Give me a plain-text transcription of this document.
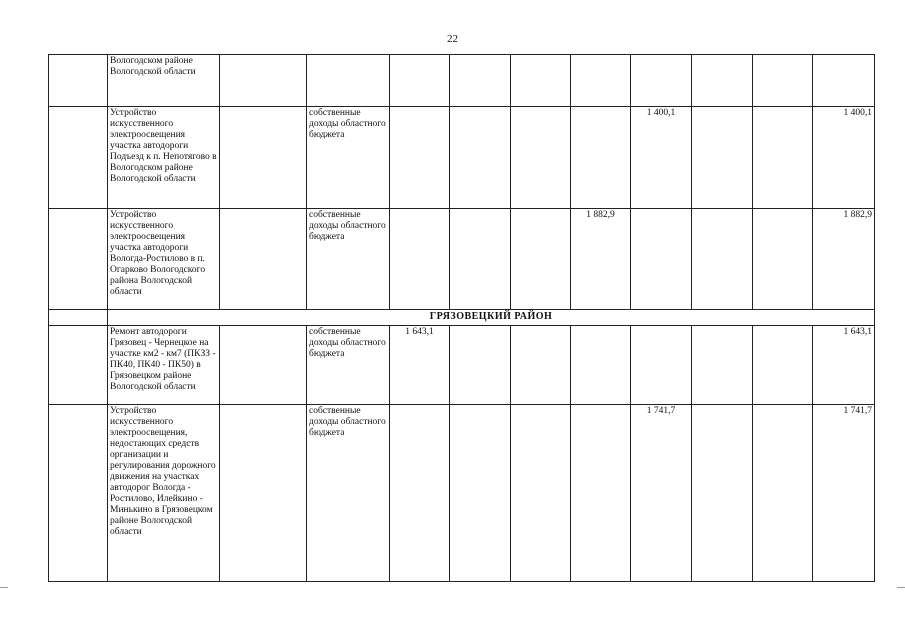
22
	Вологодском районе Вологодской области										
	Устройство искусственного электроосвещения участка автодороги Подъезд к п. Непотягово в Вологодском районе Вологодской области		собственные доходы областного бюджета					1 400,1			1 400,1
	Устройство искусственного электроосвещения участка автодороги Вологда-Ростилово в п. Огарково Вологодского района Вологодской области		собственные доходы областного бюджета				1 882,9				1 882,9
	ГРЯЗОВЕЦКИЙ РАЙОН										
	Ремонт автодороги Грязовец - Чернецкое на участке км2 - км7 (ПКЗЗ - ПК40, ПК40 - ПК50) в Грязовецком районе Вологодской области		собственные доходы областного бюджета	1 643,1							1 643,1
	Устройство искусственного электроосвещения, недостающих средств организации и регулирования дорожного движения на участках автодорог Вологда - Ростилово, Илейкино - Минькино в Грязовецком районе Вологодской области		собственные доходы областного бюджета					1 741,7			1 741,7
